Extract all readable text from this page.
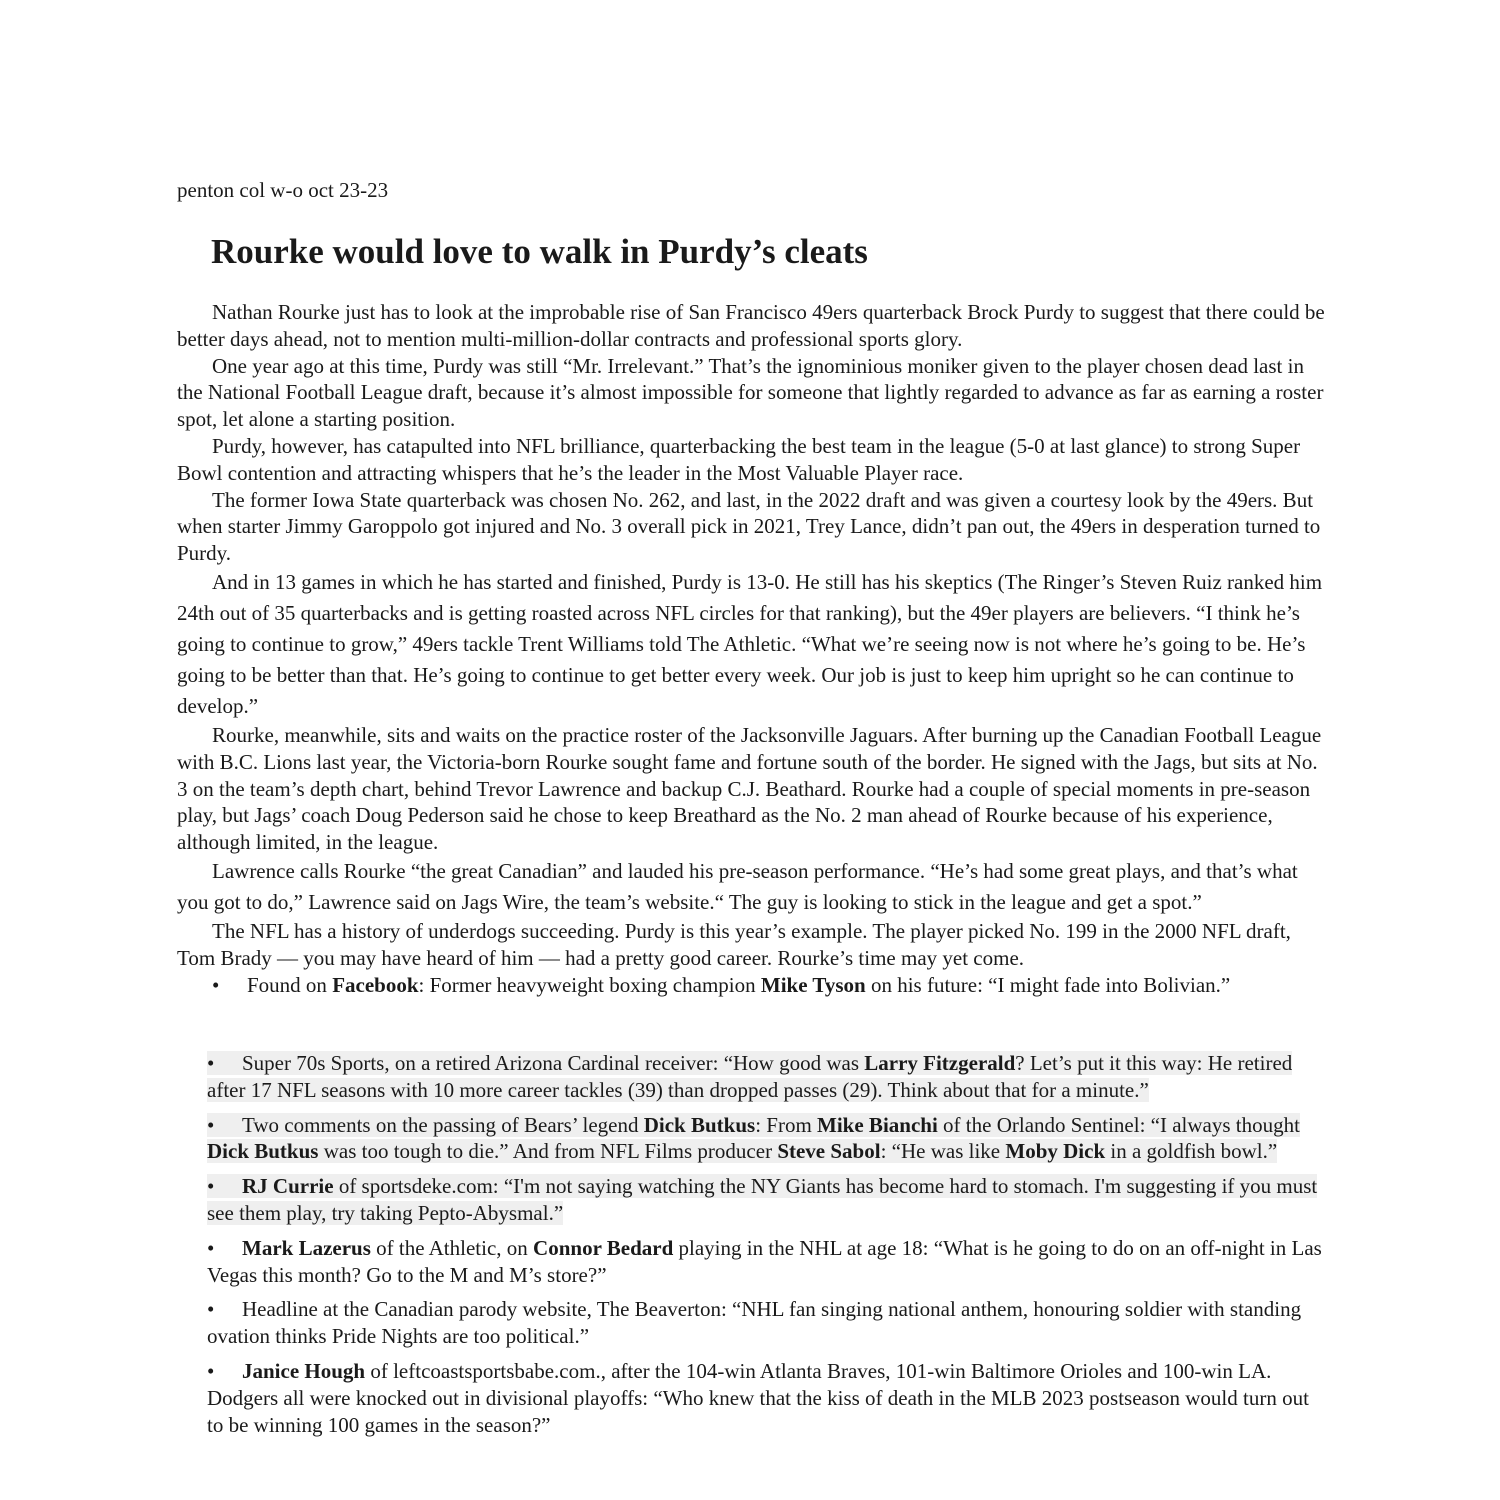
penton col w-o oct 23-23
Rourke would love to walk in Purdy’s cleats

Nathan Rourke just has to look at the improbable rise of San Francisco 49ers quarterback Brock Purdy to suggest that there could be better days ahead, not to mention multi-million-dollar contracts and professional sports glory.

One year ago at this time, Purdy was still “Mr. Irrelevant.” That’s the ignominious moniker given to the player chosen dead last in the National Football League draft, because it’s almost impossible for someone that lightly regarded to advance as far as earning a roster spot, let alone a starting position.

Purdy, however, has catapulted into NFL brilliance, quarterbacking the best team in the league (5-0 at last glance) to strong Super Bowl contention and attracting whispers that he’s the leader in the Most Valuable Player race.

The former Iowa State quarterback was chosen No. 262, and last, in the 2022 draft and was given a courtesy look by the 49ers. But when starter Jimmy Garoppolo got injured and No. 3 overall pick in 2021, Trey Lance, didn’t pan out, the 49ers in desperation turned to Purdy.

And in 13 games in which he has started and finished, Purdy is 13-0. He still has his skeptics (The Ringer’s Steven Ruiz ranked him 24th out of 35 quarterbacks and is getting roasted across NFL circles for that ranking), but the 49er players are believers. “I think he’s going to continue to grow,” 49ers tackle Trent Williams told The Athletic. “What we’re seeing now is not where he’s going to be. He’s going to be better than that. He’s going to continue to get better every week. Our job is just to keep him upright so he can continue to develop.”

Rourke, meanwhile, sits and waits on the practice roster of the Jacksonville Jaguars. After burning up the Canadian Football League with B.C. Lions last year, the Victoria-born Rourke sought fame and fortune south of the border. He signed with the Jags, but sits at No. 3 on the team’s depth chart, behind Trevor Lawrence and backup C.J. Beathard. Rourke had a couple of special moments in pre-season play, but Jags’ coach Doug Pederson said he chose to keep Breathard as the No. 2 man ahead of Rourke because of his experience, although limited, in the league.

Lawrence calls Rourke “the great Canadian” and lauded his pre-season performance. “He’s had some great plays, and that’s what you got to do,” Lawrence said on Jags Wire, the team’s website.“ The guy is looking to stick in the league and get a spot.”

The NFL has a history of underdogs succeeding. Purdy is this year’s example. The player picked No. 199 in the 2000 NFL draft, Tom Brady — you may have heard of him — had a pretty good career. Rourke’s time may yet come.

• Found on Facebook: Former heavyweight boxing champion Mike Tyson on his future: “I might fade into Bolivian.”

• Super 70s Sports, on a retired Arizona Cardinal receiver: “How good was Larry Fitzgerald? Let’s put it this way: He retired after 17 NFL seasons with 10 more career tackles (39) than dropped passes (29). Think about that for a minute.”

• Two comments on the passing of Bears’ legend Dick Butkus: From Mike Bianchi of the Orlando Sentinel: “I always thought Dick Butkus was too tough to die.” And from NFL Films producer Steve Sabol: “He was like Moby Dick in a goldfish bowl.”

• RJ Currie of sportsdeke.com: “I'm not saying watching the NY Giants has become hard to stomach. I'm suggesting if you must see them play, try taking Pepto-Abysmal.”

• Mark Lazerus of the Athletic, on Connor Bedard playing in the NHL at age 18: “What is he going to do on an off-night in Las Vegas this month? Go to the M and M’s store?”

• Headline at the Canadian parody website, The Beaverton: “NHL fan singing national anthem, honouring soldier with standing ovation thinks Pride Nights are too political.”

• Janice Hough of leftcoastsportsbabe.com., after the 104-win Atlanta Braves, 101-win Baltimore Orioles and 100-win LA. Dodgers all were knocked out in divisional playoffs: “Who knew that the kiss of death in the MLB 2023 postseason would turn out to be winning 100 games in the season?”
